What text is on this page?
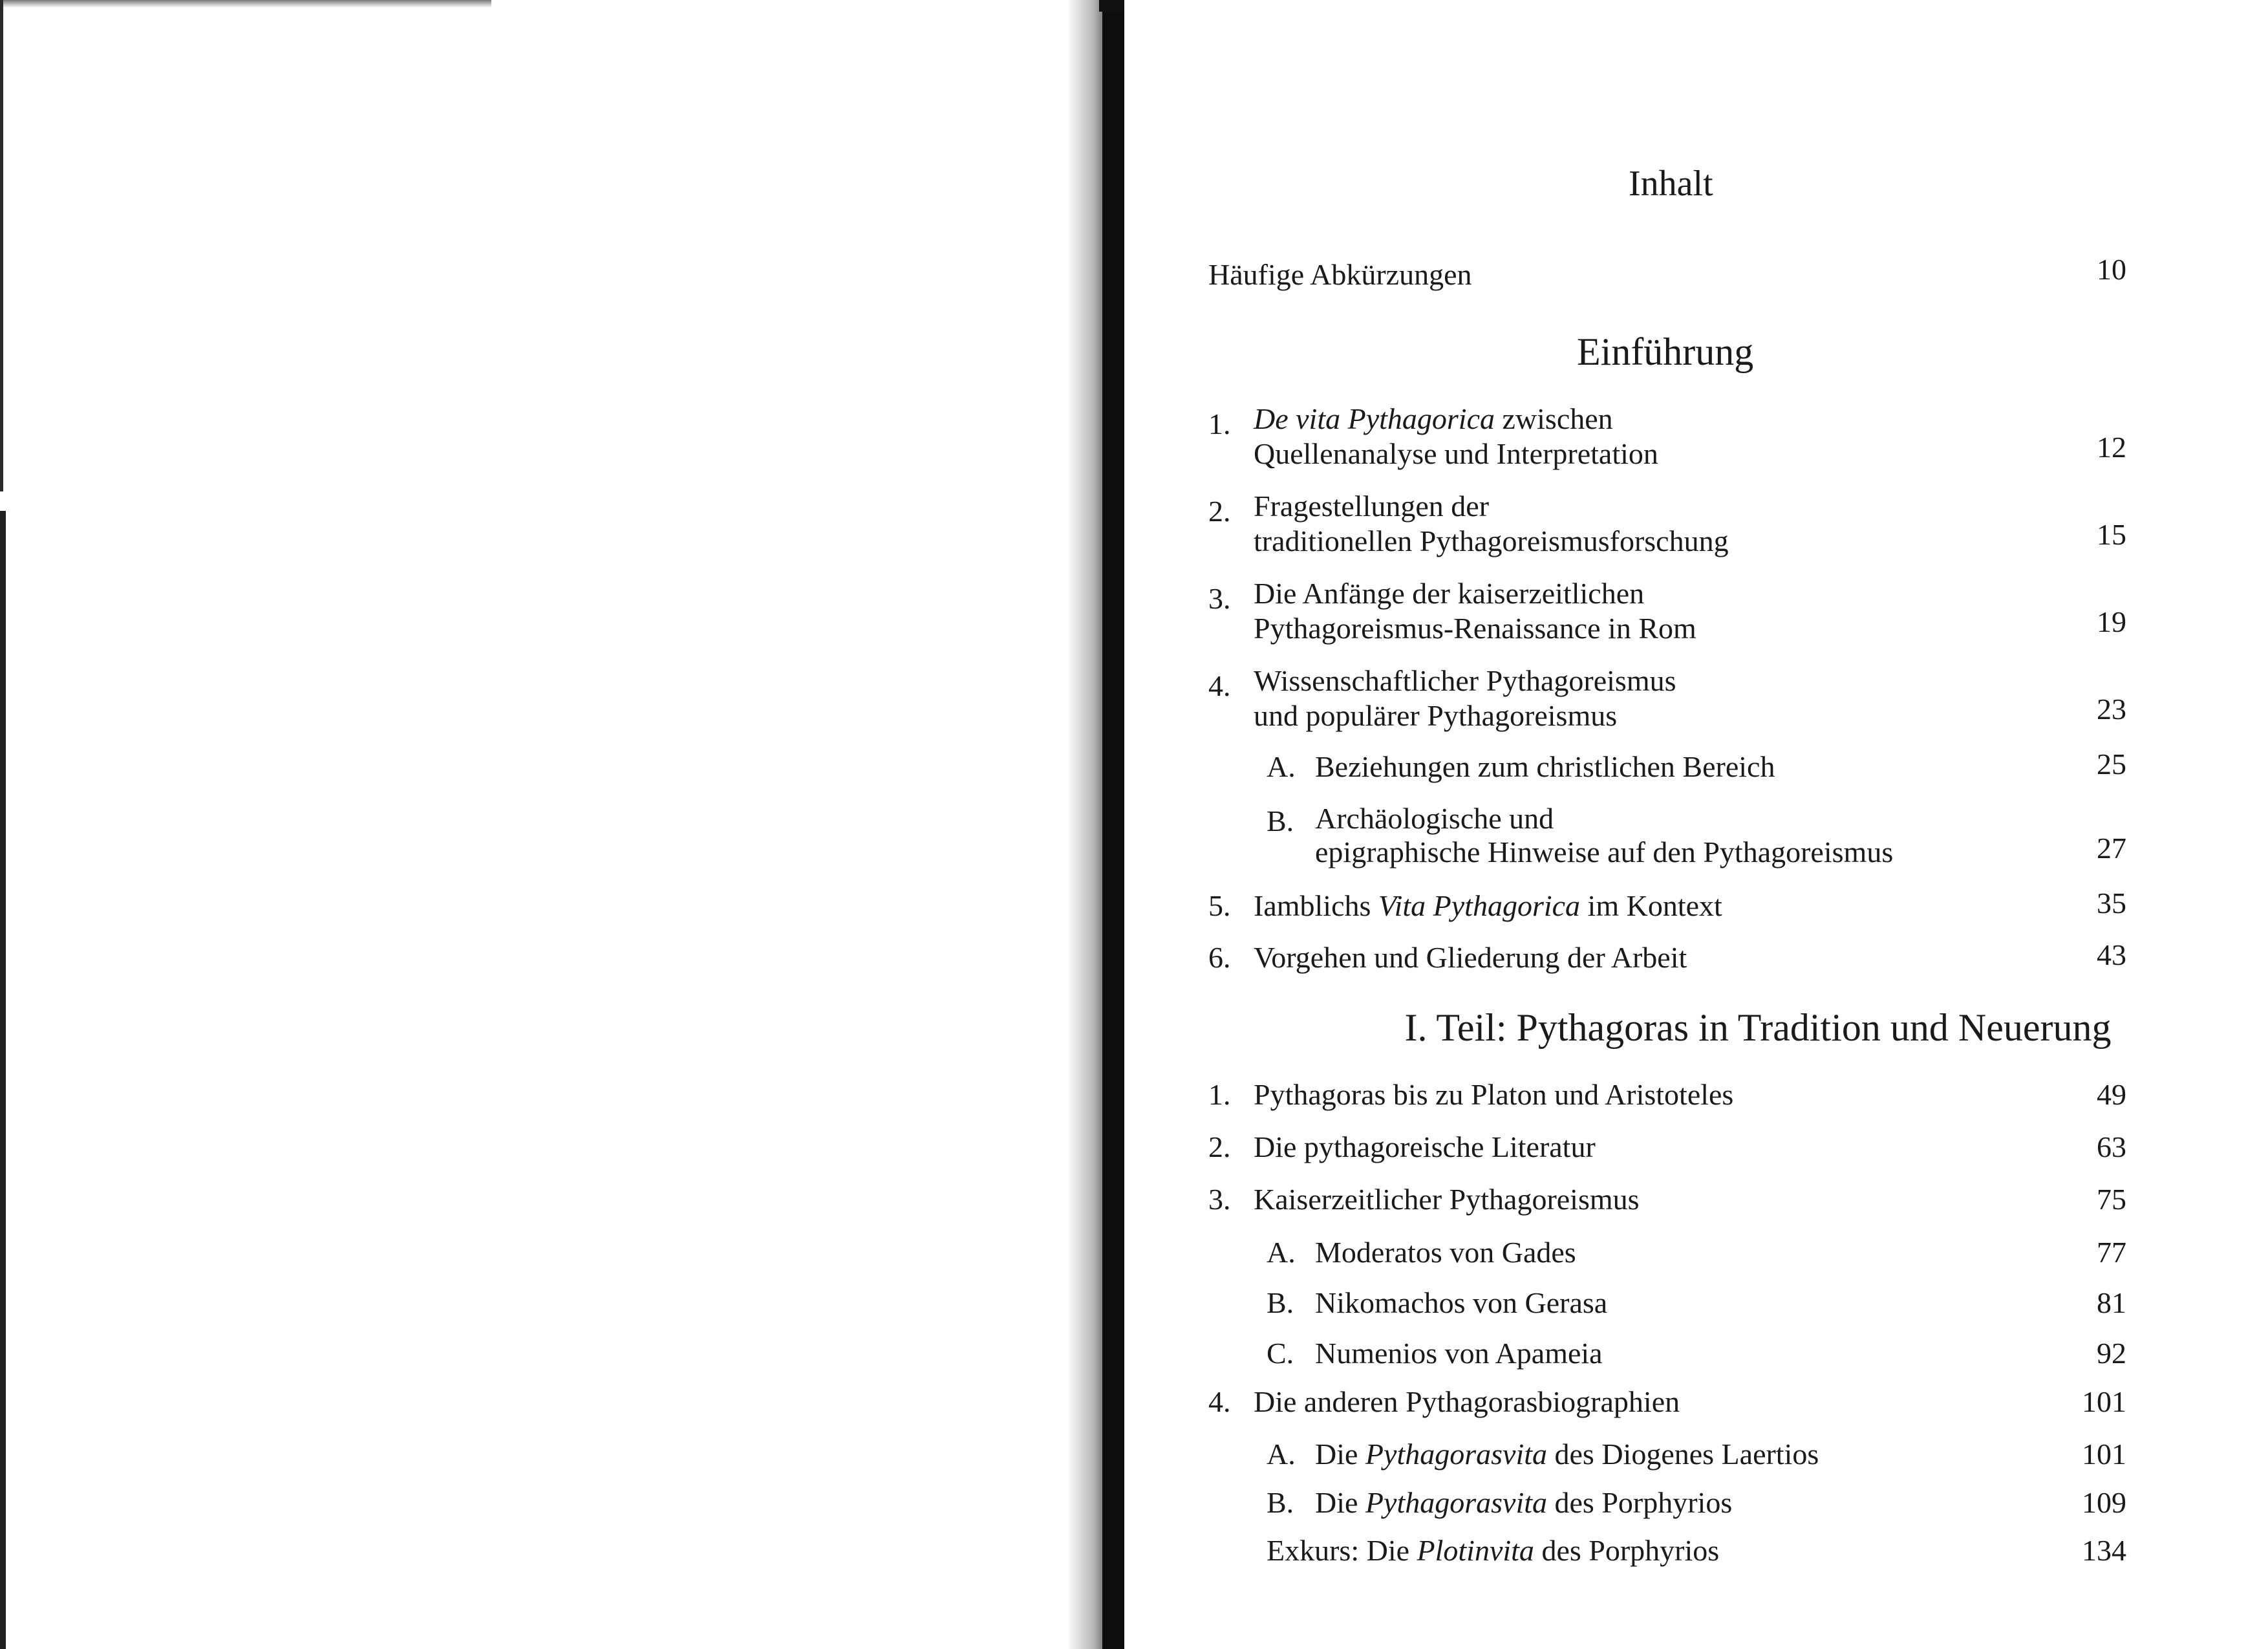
Inhalt
Häufige Abkürzungen	10
Einführung
1. De vita Pythagorica zwischen
Quellenanalyse und Interpretation	12
2. Fragestellungen der
traditionellen Pythagoreismusforschung	15
3. Die Anfänge der kaiserzeitlichen
Pythagoreismus-Renaissance in Rom	19
4. Wissenschaftlicher Pythagoreismus
und populärer Pythagoreismus	23
A. Beziehungen zum christlichen Bereich	25
B. Archäologische und
epigraphische Hinweise auf den Pythagoreismus	27
5. Iamblichs Vita Pythagorica im Kontext	35
6. Vorgehen und Gliederung der Arbeit	43
I. Teil: Pythagoras in Tradition und Neuerung
1. Pythagoras bis zu Platon und Aristoteles	49
2. Die pythagoreische Literatur	63
3. Kaiserzeitlicher Pythagoreismus	75
A. Moderatos von Gades	77
B. Nikomachos von Gerasa	81
C. Numenios von Apameia	92
4. Die anderen Pythagorasbiographien	101
A. Die Pythagorasvita des Diogenes Laertios	101
B. Die Pythagorasvita des Porphyrios	109
Exkurs: Die Plotinvita des Porphyrios	134
